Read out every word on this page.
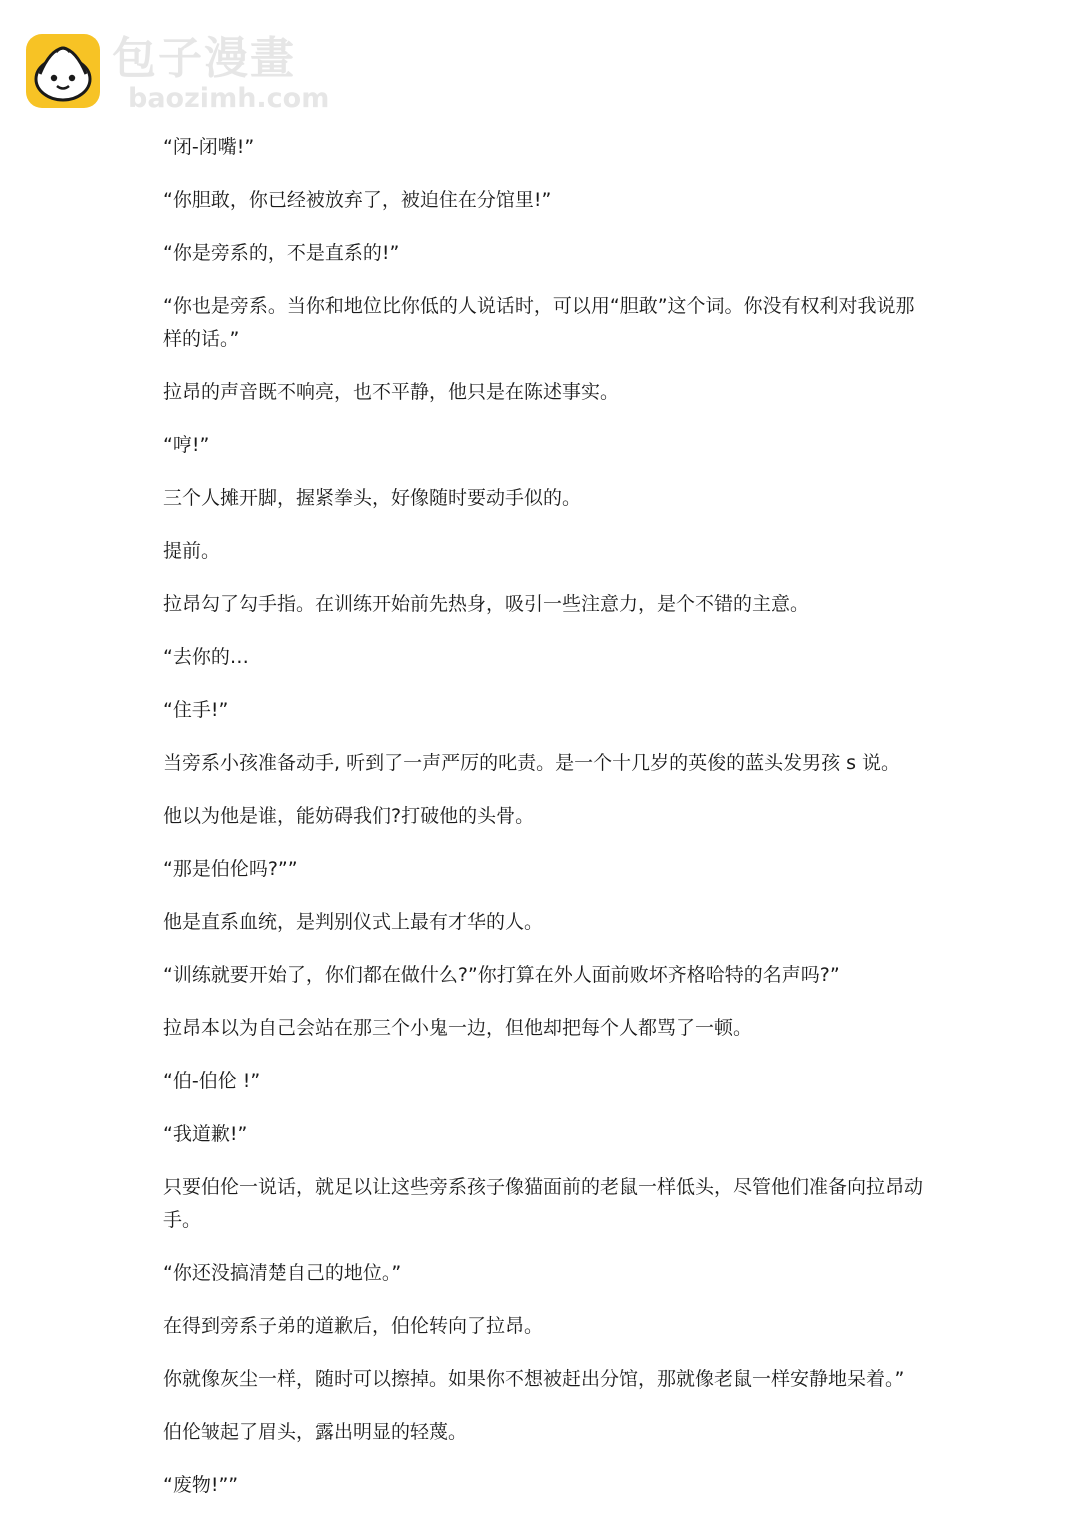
包子漫畫
baozimh.com

“闭-闭嘴!”

“你胆敢，你已经被放弃了，被迫住在分馆里!”

“你是旁系的，不是直系的!”

“你也是旁系。当你和地位比你低的人说话时，可以用“胆敢”这个词。你没有权利对我说那样的话。”

拉昂的声音既不响亮，也不平静，他只是在陈述事实。

“哼!”

三个人摊开脚，握紧拳头，好像随时要动手似的。

提前。

拉昂勾了勾手指。在训练开始前先热身，吸引一些注意力，是个不错的主意。

“去你的…

“住手!”

当旁系小孩准备动手, 听到了一声严厉的叱责。是一个十几岁的英俊的蓝头发男孩 s 说。

他以为他是谁，能妨碍我们?打破他的头骨。

“那是伯伦吗?””

他是直系血统，是判别仪式上最有才华的人。

“训练就要开始了，你们都在做什么?”你打算在外人面前败坏齐格哈特的名声吗?”

拉昂本以为自己会站在那三个小鬼一边，但他却把每个人都骂了一顿。

“伯-伯伦 !”

“我道歉!”

只要伯伦一说话，就足以让这些旁系孩子像猫面前的老鼠一样低头，尽管他们准备向拉昂动手。

“你还没搞清楚自己的地位。”

在得到旁系子弟的道歉后，伯伦转向了拉昂。

你就像灰尘一样，随时可以擦掉。如果你不想被赶出分馆，那就像老鼠一样安静地呆着。”

伯伦皱起了眉头，露出明显的轻蔑。

“废物!””
